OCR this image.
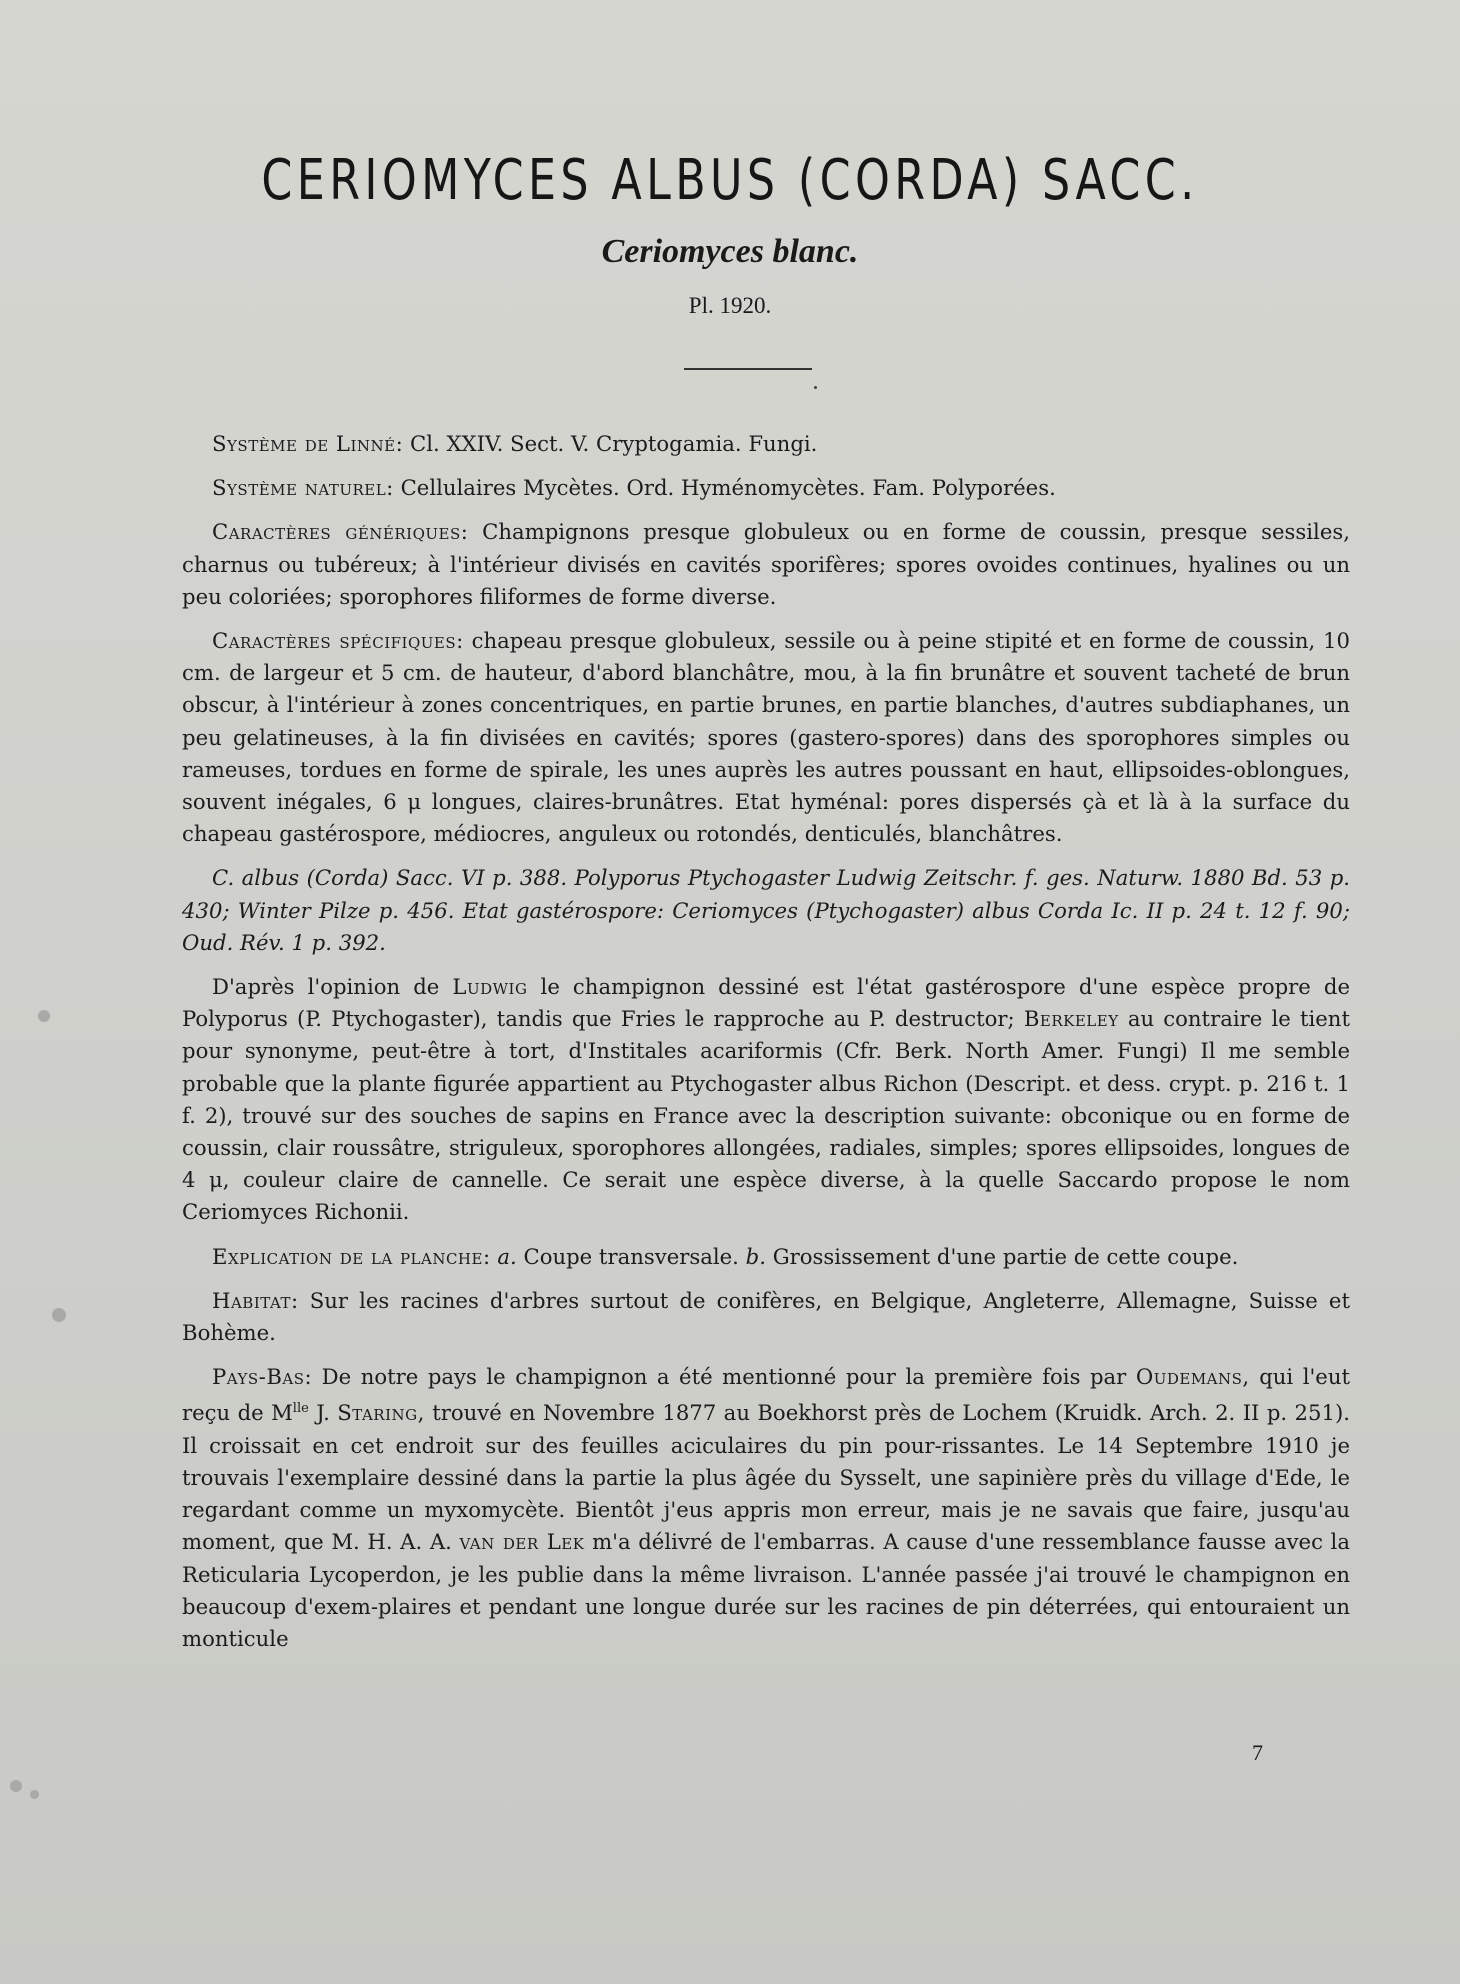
CERIOMYCES ALBUS (CORDA) SACC.
Ceriomyces blanc.
Pl. 1920.

Système de Linné: Cl. XXIV. Sect. V. Cryptogamia. Fungi.

Système naturel: Cellulaires Mycètes. Ord. Hyménomycètes. Fam. Polyporées.

Caractères génériques: Champignons presque globuleux ou en forme de coussin, presque sessiles, charnus ou tubéreux; à l'intérieur divisés en cavités sporifères; spores ovoides continues, hyalines ou un peu coloriées; sporophores filiformes de forme diverse.

Caractères spécifiques: chapeau presque globuleux, sessile ou à peine stipité et en forme de coussin, 10 cm. de largeur et 5 cm. de hauteur, d'abord blanchâtre, mou, à la fin brunâtre et souvent tacheté de brun obscur, à l'intérieur à zones concentriques, en partie brunes, en partie blanches, d'autres subdiaphanes, un peu gelatineuses, à la fin divisées en cavités; spores (gastero-spores) dans des sporophores simples ou rameuses, tordues en forme de spirale, les unes auprès les autres poussant en haut, ellipsoides-oblongues, souvent inégales, 6 μ longues, claires-brunâtres. Etat hyménal: pores dispersés çà et là à la surface du chapeau gastérospore, médiocres, anguleux ou rotondés, denticulés, blanchâtres.

C. albus (Corda) Sacc. VI p. 388. Polyporus Ptychogaster Ludwig Zeitschr. f. ges. Naturw. 1880 Bd. 53 p. 430; Winter Pilze p. 456. Etat gastérospore: Ceriomyces (Ptychogaster) albus Corda Ic. II p. 24 t. 12 f. 90; Oud. Rév. 1 p. 392.

D'après l'opinion de Ludwig le champignon dessiné est l'état gastérospore d'une espèce propre de Polyporus (P. Ptychogaster), tandis que Fries le rapproche au P. destructor; Berkeley au contraire le tient pour synonyme, peut-être à tort, d'Institales acariformis (Cfr. Berk. North Amer. Fungi) Il me semble probable que la plante figurée appartient au Ptychogaster albus Richon (Descript. et dess. crypt. p. 216 t. 1 f. 2), trouvé sur des souches de sapins en France avec la description suivante: obconique ou en forme de coussin, clair roussâtre, striguleux, sporophores allongées, radiales, simples; spores ellipsoides, longues de 4 μ, couleur claire de cannelle. Ce serait une espèce diverse, à la quelle Saccardo propose le nom Ceriomyces Richonii.

Explication de la planche: a. Coupe transversale. b. Grossissement d'une partie de cette coupe.

Habitat: Sur les racines d'arbres surtout de conifères, en Belgique, Angleterre, Allemagne, Suisse et Bohème.

Pays-Bas: De notre pays le champignon a été mentionné pour la première fois par Oudemans, qui l'eut reçu de $M^{lle}$ J. Staring, trouvé en Novembre 1877 au Boekhorst près de Lochem (Kruidk. Arch. 2. II p. 251). Il croissait en cet endroit sur des feuilles aciculaires du pin pour-rissantes. Le 14 Septembre 1910 je trouvais l'exemplaire dessiné dans la partie la plus âgée du Sysselt, une sapinière près du village d'Ede, le regardant comme un myxomycète. Bientôt j'eus appris mon erreur, mais je ne savais que faire, jusqu'au moment, que M. H. A. A. van der Lek m'a délivré de l'embarras. A cause d'une ressemblance fausse avec la Reticularia Lycoperdon, je les publie dans la même livraison. L'année passée j'ai trouvé le champignon en beaucoup d'exem-plaires et pendant une longue durée sur les racines de pin déterrées, qui entouraient un monticule

7
